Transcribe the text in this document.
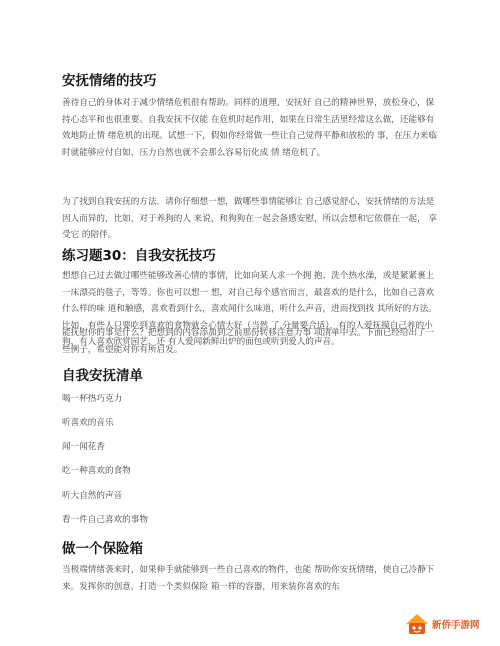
安抚情绪的技巧

善待自己的身体对于减少情绪危机很有帮助。同样的道理，安抚好 自己的精神世界，放松身心，保持心态平和也很重要。自我安抚不仅能 在危机时起作用，如果在日常生活里经常这么做，还能够有效地防止情 绪危机的出现。试想一下，假如你经常做一些让自己觉得平静和放松的 事，在压力来临时就能够应付自如，压力自然也就不会那么容易衍化成 情 绪危机了。

为了找到自我安抚的方法，请你仔细想一想，做哪些事情能够让 自己感觉舒心，安抚情绪的方法是因人而异的，比如，对于养狗的人 来说，和狗狗在一起会备感安慰，所以会想和它依偎在一起， 享受它 的陪伴。

练习题30：自我安抚技巧

想想自己过去做过哪些能够改善心情的事情，比如向某人求一个拥 抱、洗个热水澡，或是紧紧裹上一床漂亮的毯子，等等。你也可以想一 想，对自己每个感官而言，最喜欢的是什么，比如自己喜欢什么样的味 道和触感，喜欢看到什么，喜欢闻什么味道，听什么声音，进而找到找 其所好的方法。比如，有些人只要吃到喜欢的食物就会心情大好（当然 了,分量要合适），有的人爱抚摸自己养的小狗，有人喜欢欣赏园艺，还 有人爱闻新鲜出炉的面包或听到爱人的声音。

能抚慰你的事是什么？把想到的内容添加到之前那份转移注意力事 项清单中去。下面已经给出了一些例子，希望能对你有所启发。

自我安抚清单
喝一杯热巧克力
听喜欢的音乐
闻一闻花香
吃一种喜欢的食物
听大自然的声音
看一件自己喜欢的事物
做一个保险箱

当极端情绪袭来时，如果伸手就能够到一些自己喜欢的物件，也能 帮助你安抚情绪，使自己冷静下来。发挥你的创意，打造一个类似保险 箱一样的容器，用来装你喜欢的东

新侨手游网
